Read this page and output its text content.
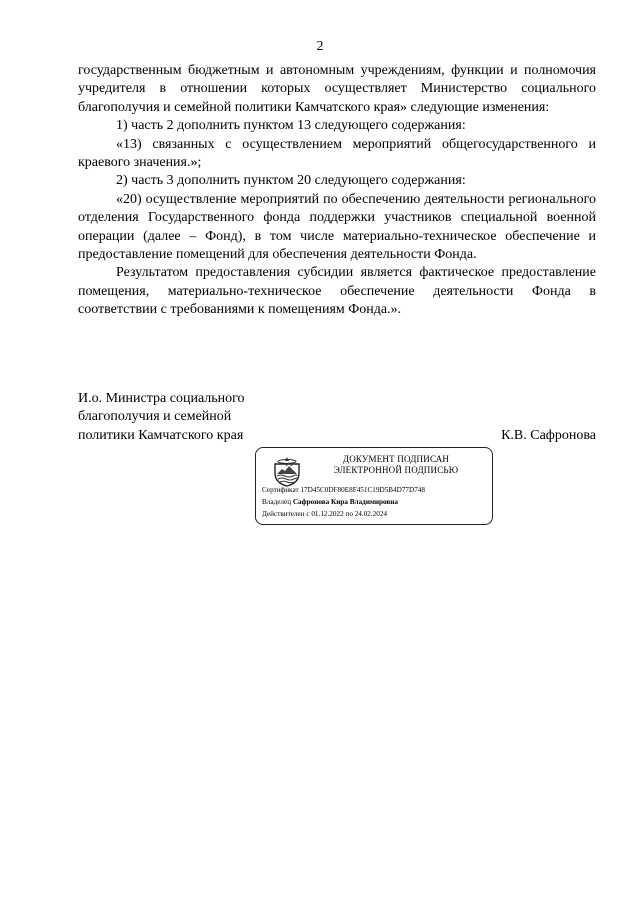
2

государственным бюджетным и автономным учреждениям, функции и полномочия учредителя в отношении которых осуществляет Министерство социального благополучия и семейной политики Камчатского края» следующие изменения:

1) часть 2 дополнить пунктом 13 следующего содержания:

«13) связанных с осуществлением мероприятий общегосударственного и краевого значения.»;

2) часть 3 дополнить пунктом 20 следующего содержания:

«20) осуществление мероприятий по обеспечению деятельности регионального отделения Государственного фонда поддержки участников специальной военной операции (далее – Фонд), в том числе материально-техническое обеспечение и предоставление помещений для обеспечения деятельности Фонда.

Результатом предоставления субсидии является фактическое предоставление помещения, материально-техническое обеспечение деятельности Фонда в соответствии с требованиями к помещениям Фонда.».

И.о. Министра социального
благополучия и семейной
политики Камчатского края	К.В. Сафронова
ДОКУМЕНТ ПОДПИСАН
ЭЛЕКТРОННОЙ ПОДПИСЬЮ
Сертификат 17D45C0DF80E8F451C19D5B4D77D748
Владелец Сафронова Кира Владимировна
Действителен с 01.12.2022 по 24.02.2024
